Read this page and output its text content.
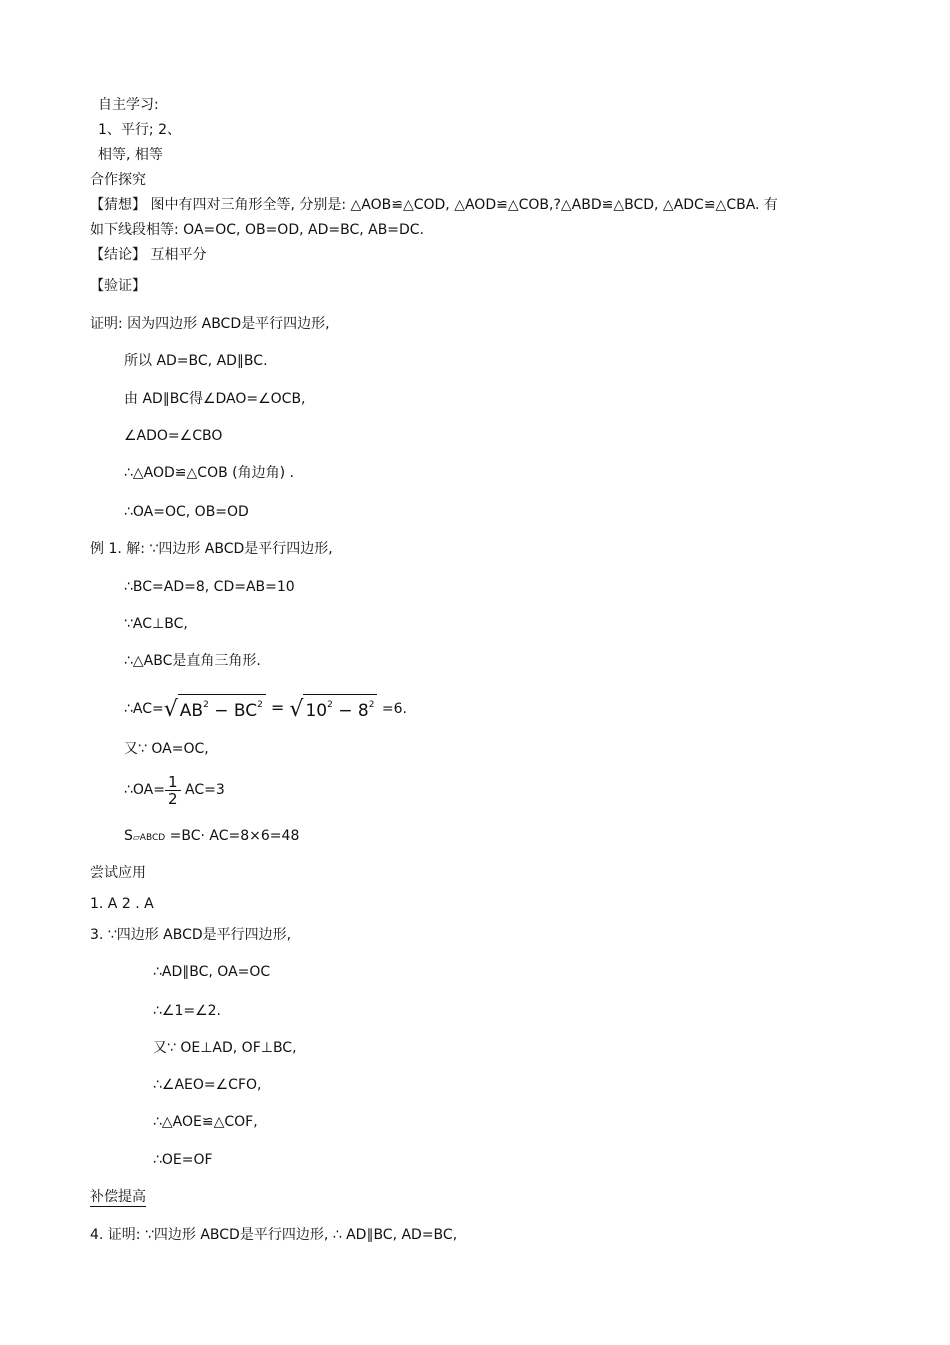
自主学习:
1、平行; 2、
相等, 相等
合作探究
【猜想】 图中有四对三角形全等, 分别是: △AOB≌△COD, △AOD≌△COB,?△ABD≌△BCD, △ADC≌△CBA. 有
如下线段相等: OA=OC, OB=OD, AD=BC, AB=DC.
【结论】 互相平分
【验证】
证明: 因为四边形 ABCD是平行四边形,
所以 AD=BC, AD∥BC.
由 AD∥BC得∠DAO=∠OCB,
∠ADO=∠CBO
∴△AOD≌△COB (角边角) .
∴OA=OC, OB=OD
例 1. 解: ∵四边形 ABCD是平行四边形,
∴BC=AD=8, CD=AB=10
∵AC⊥BC,
∴△ABC是直角三角形.
∴AC=√ $AB^2 - BC^2$ = √ $10^2 - 8^2 =6$.
又∵ OA=OC,
∴OA= $\frac{1}{2} AC=3$
S▱ABCD =BC· AC=8×6=48
尝试应用
1. A 2 . A
3. ∵四边形 ABCD是平行四边形,
∴AD∥BC, OA=OC
∴∠1=∠2.
又∵ OE⊥AD, OF⊥BC,
∴∠AEO=∠CFO,
∴△AOE≌△COF,
∴OE=OF
补偿提高
4. 证明: ∵四边形 ABCD是平行四边形, ∴ AD∥BC, AD=BC,
